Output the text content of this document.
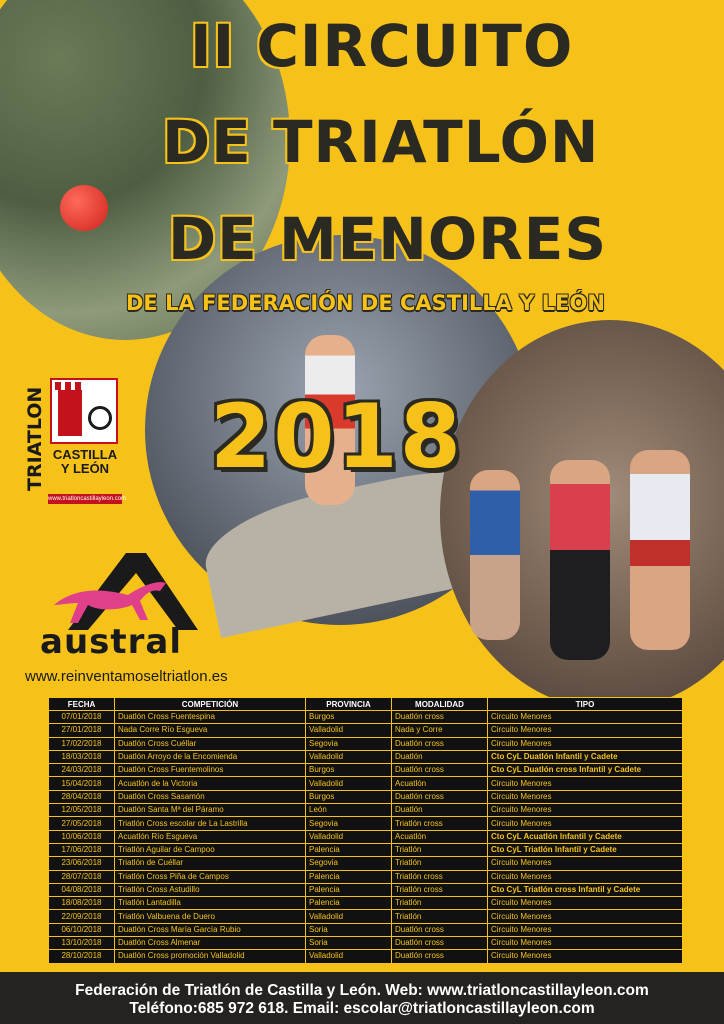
II CIRCUITO
DE TRIATLÓN
DE MENORES
DE LA FEDERACIÓN DE CASTILLA Y LEÓN
2018
TRIATLON CASTILLA
Y LEÓN
www.triatloncastillayleon.com
austral
www.reinventamoseltriatlon.es
FECHA	COMPETICIÓN	PROVINCIA	MODALIDAD	TIPO
07/01/2018	Duatlón Cross Fuentespina	Burgos	Duatlón cross	Circuito Menores
27/01/2018	Nada Corre Río Esgueva	Valladolid	Nada y Corre	Circuito Menores
17/02/2018	Duatlón Cross Cuéllar	Segovia	Duatlón cross	Circuito Menores
18/03/2018	Duatlón Arroyo de la Encomienda	Valladolid	Duatlón	Cto CyL Duatlón Infantil y Cadete
24/03/2018	Duatlón Cross Fuentemolinos	Burgos	Duatlón cross	Cto CyL Duatlón cross Infantil y Cadete
15/04/2018	Acuatlón de la Victoria	Valladolid	Acuatlón	Circuito Menores
28/04/2018	Duatlón Cross Sasamón	Burgos	Duatlón cross	Circuito Menores
12/05/2018	Duatlón Santa Mª del Páramo	León	Duatlón	Circuito Menores
27/05/2018	Triatlón Cross escolar de La Lastrilla	Segovia	Triatlón cross	Circuito Menores
10/06/2018	Acuatlón Río Esgueva	Valladolid	Acuatlón	Cto CyL Acuatlón Infantil y Cadete
17/06/2018	Triatlón Aguilar de Campoo	Palencia	Triatlón	Cto CyL Triatlón Infantil y Cadete
23/06/2018	Triatlón de Cuéllar	Segovia	Triatlón	Circuito Menores
28/07/2018	Triatlón Cross Piña de Campos	Palencia	Triatlón cross	Circuito Menores
04/08/2018	Triatlón Cross Astudillo	Palencia	Triatlón cross	Cto CyL Triatlón cross Infantil y Cadete
18/08/2018	Triatlón Lantadilla	Palencia	Triatlón	Circuito Menores
22/09/2018	Triatlón Valbuena de Duero	Valladolid	Triatlón	Circuito Menores
06/10/2018	Duatlón Cross María García Rubio	Soria	Duatlón cross	Circuito Menores
13/10/2018	Duatlón Cross Almenar	Soria	Duatlón cross	Circuito Menores
28/10/2018	Duatlón Cross promoción Valladolid	Valladolid	Duatlón cross	Circuito Menores
Federación de Triatlón de Castilla y León. Web: www.triatloncastillayleon.com
Teléfono:685 972 618. Email: escolar@triatloncastillayleon.com
